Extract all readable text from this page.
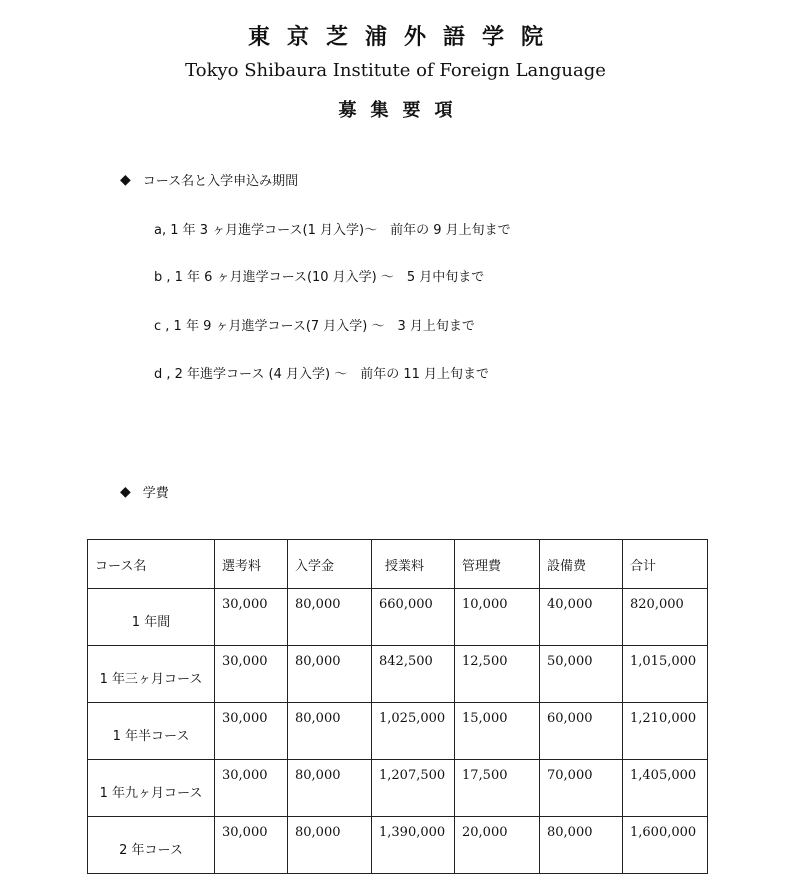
東京芝浦外語学院
Tokyo Shibaura Institute of Foreign Language
募集要項
◆ コース名と入学申込み期間
a, 1 年 3 ヶ月進学コース(1 月入学)～　前年の 9 月上旬まで
b , 1 年 6 ヶ月進学コース(10 月入学) ～　5 月中旬まで
c , 1 年 9 ヶ月進学コース(7 月入学) ～　3 月上旬まで
d , 2 年進学コース (4 月入学) ～　前年の 11 月上旬まで
◆ 学費
コース名	選考料	入学金	授業料	管理費	設備费	合计
1 年間	30,000	80,000	660,000	10,000	40,000	820,000
1 年三ヶ月コース	30,000	80,000	842,500	12,500	50,000	1,015,000
1 年半コース	30,000	80,000	1,025,000	15,000	60,000	1,210,000
1 年九ヶ月コース	30,000	80,000	1,207,500	17,500	70,000	1,405,000
2 年コース	30,000	80,000	1,390,000	20,000	80,000	1,600,000
